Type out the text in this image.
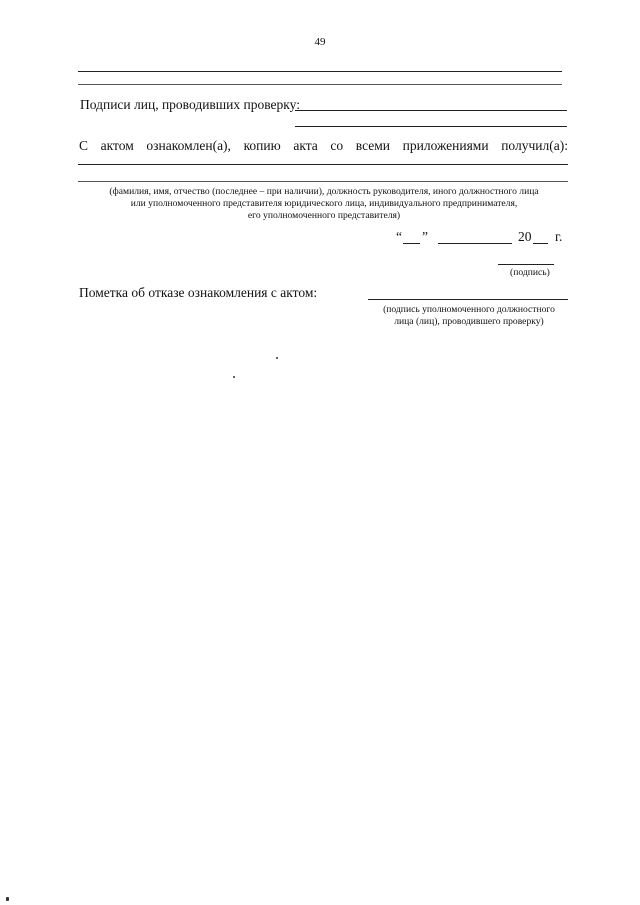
49
Подписи лиц, проводивших проверку:
С актом ознакомлен(а), копию акта со всеми приложениями получил(а):
(фамилия, имя, отчество (последнее – при наличии), должность руководителя, иного должностного лица
или уполномоченного представителя юридического лица, индивидуального предпринимателя,
его уполномоченного представителя)
“ ”	20 г.
(подпись)
Пометка об отказе ознакомления с актом:
(подпись уполномоченного должностного
лица (лиц), проводившего проверку)
